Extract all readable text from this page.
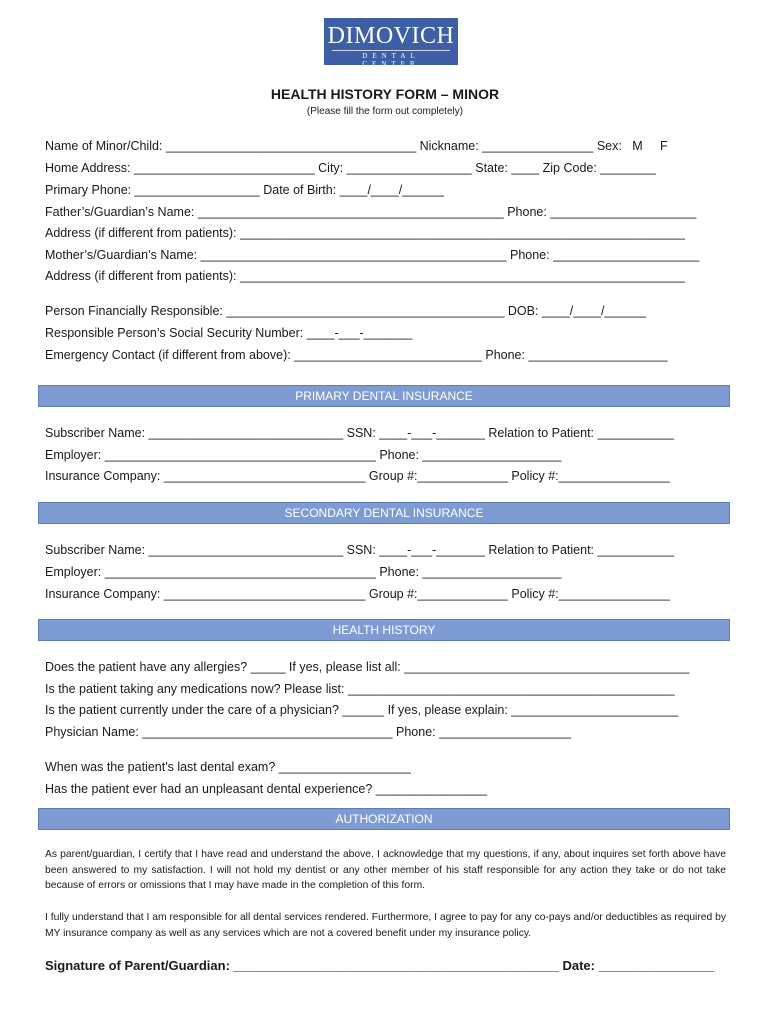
DIMOVICH
DENTAL CENTER
HEALTH HISTORY FORM – MINOR
(Please fill the form out completely)
Name of Minor/Child: ____________________________________ Nickname: ________________ Sex:   M     F
Home Address: __________________________ City: __________________ State: ____ Zip Code: ________
Primary Phone: __________________ Date of Birth: ____/____/______
Father’s/Guardian’s Name: ____________________________________________ Phone: _____________________
Address (if different from patients): ________________________________________________________________
Mother’s/Guardian’s Name: ____________________________________________ Phone: _____________________
Address (if different from patients): ________________________________________________________________
Person Financially Responsible: ________________________________________ DOB: ____/____/______
Responsible Person’s Social Security Number: ____-___-_______
Emergency Contact (if different from above): ___________________________ Phone: ____________________
PRIMARY DENTAL INSURANCE
Subscriber Name: ____________________________ SSN: ____-___-_______ Relation to Patient: ___________
Employer: _______________________________________ Phone: ____________________
Insurance Company: _____________________________ Group #:_____________ Policy #:________________
SECONDARY DENTAL INSURANCE
Subscriber Name: ____________________________ SSN: ____-___-_______ Relation to Patient: ___________
Employer: _______________________________________ Phone: ____________________
Insurance Company: _____________________________ Group #:_____________ Policy #:________________
HEALTH HISTORY
Does the patient have any allergies? _____ If yes, please list all: _________________________________________
Is the patient taking any medications now? Please list: _______________________________________________
Is the patient currently under the care of a physician? ______ If yes, please explain: ________________________
Physician Name: ____________________________________ Phone: ___________________
When was the patient's last dental exam? ___________________
Has the patient ever had an unpleasant dental experience? ________________
AUTHORIZATION
As parent/guardian, I certify that I have read and understand the above. I acknowledge that my questions, if any, about inquires set forth above have been answered to my satisfaction. I will not hold my dentist or any other member of his staff responsible for any action they take or do not take because of errors or omissions that I may have made in the completion of this form.
I fully understand that I am responsible for all dental services rendered. Furthermore, I agree to pay for any co-pays and/or deductibles as required by MY insurance company as well as any services which are not a covered benefit under my insurance policy.
Signature of Parent/Guardian: _____________________________________________ Date: ________________
